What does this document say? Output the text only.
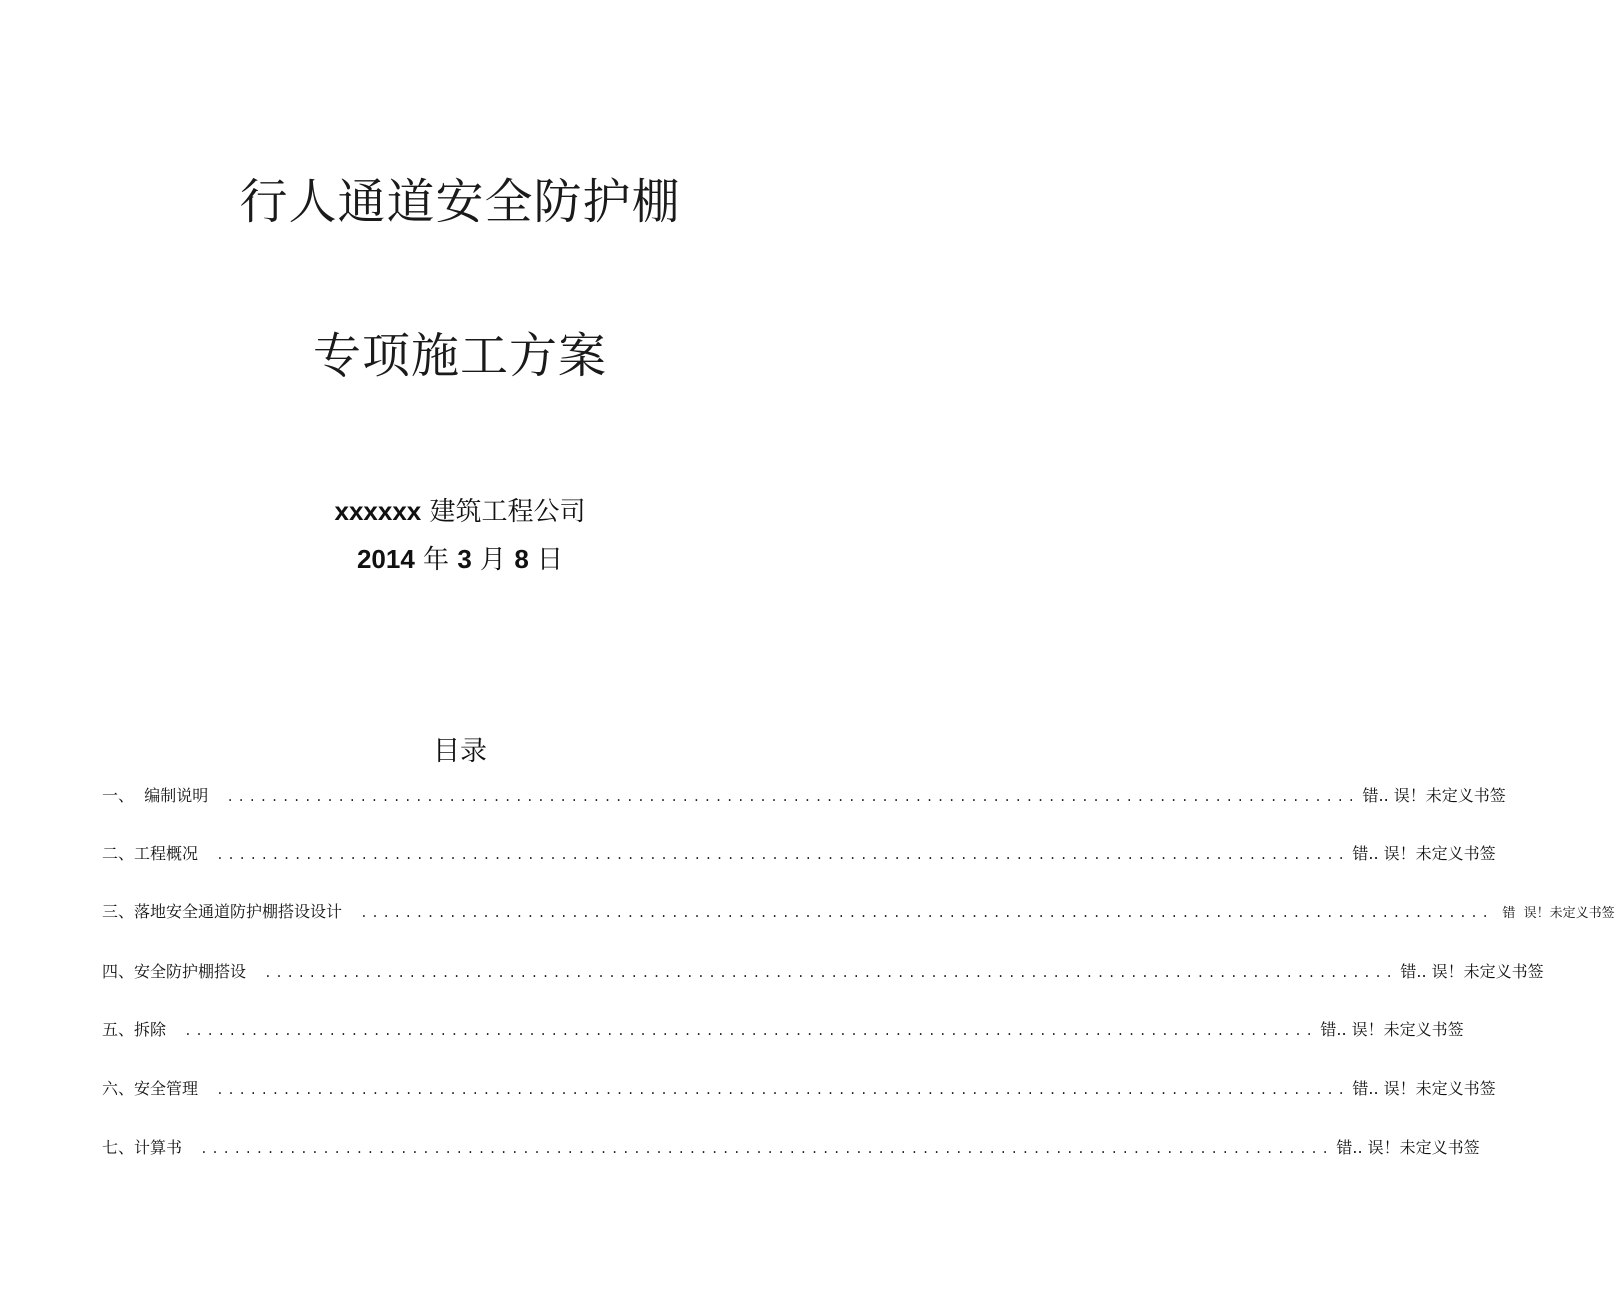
行人通道安全防护棚
专项施工方案
xxxxxx 建筑工程公司
2014 年 3 月 8 日
目录
一、  编制说明 ...................................................................................................... 错.. 误！未定义书签
二、工程概况 ...................................................................................................... 错.. 误！未定义书签
三、落地安全通道防护棚搭设设计 ...................................................................................................... 错  误！未定义书签
四、安全防护棚搭设 ...................................................................................................... 错.. 误！未定义书签
五、拆除 ...................................................................................................... 错.. 误！未定义书签
六、安全管理 ...................................................................................................... 错.. 误！未定义书签
七、计算书 ...................................................................................................... 错.. 误！未定义书签
